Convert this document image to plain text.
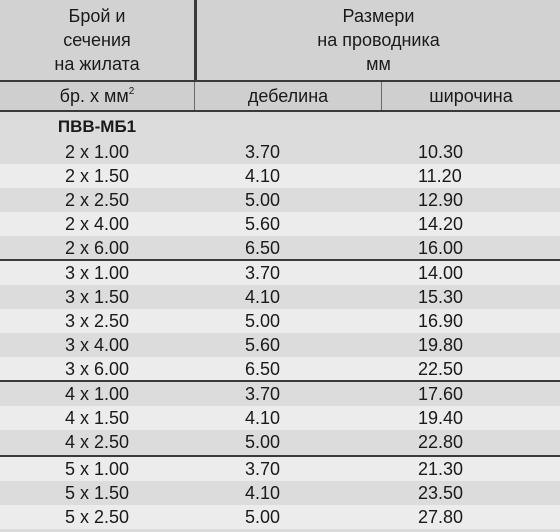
Брой и
сечения
на жилата
Размери
на проводника
мм
бр. х $мм^2$	дебелина	широчина
ПВВ-МБ1
2 x 1.00	3.70	10.30
2 x 1.50	4.10	11.20
2 x 2.50	5.00	12.90
2 x 4.00	5.60	14.20
2 x 6.00	6.50	16.00
3 x 1.00	3.70	14.00
3 x 1.50	4.10	15.30
3 x 2.50	5.00	16.90
3 x 4.00	5.60	19.80
3 x 6.00	6.50	22.50
4 x 1.00	3.70	17.60
4 x 1.50	4.10	19.40
4 x 2.50	5.00	22.80
5 x 1.00	3.70	21.30
5 x 1.50	4.10	23.50
5 x 2.50	5.00	27.80
